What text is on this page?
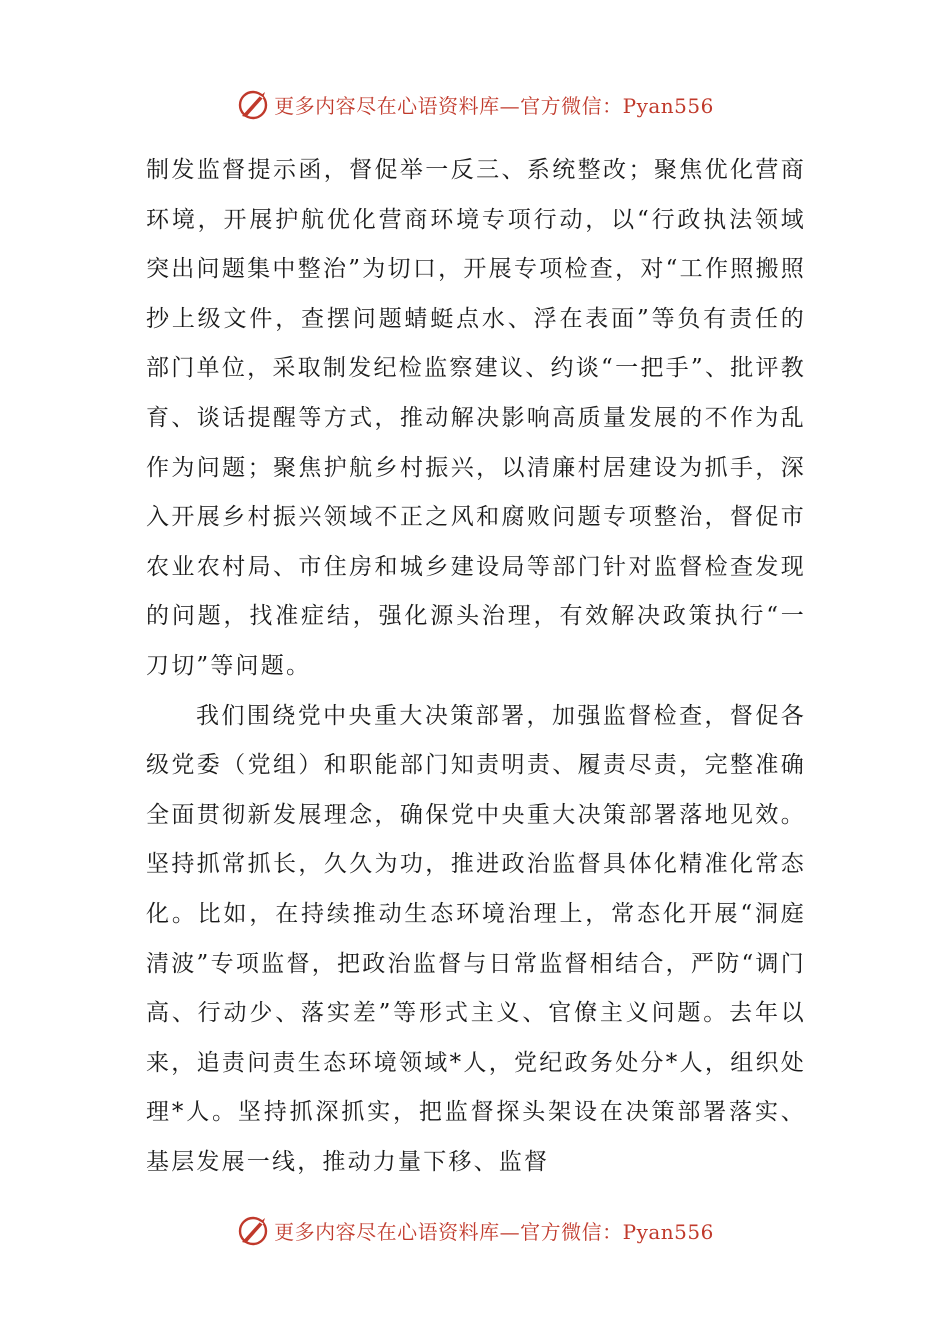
更多内容尽在心语资料库—官方微信：Pyan556

制发监督提示函，督促举一反三、系统整改；聚焦优化营商环境，开展护航优化营商环境专项行动，以“行政执法领域突出问题集中整治”为切口，开展专项检查，对“工作照搬照抄上级文件，查摆问题蜻蜓点水、浮在表面”等负有责任的部门单位，采取制发纪检监察建议、约谈“一把手”、批评教育、谈话提醒等方式，推动解决影响高质量发展的不作为乱作为问题；聚焦护航乡村振兴，以清廉村居建设为抓手，深入开展乡村振兴领域不正之风和腐败问题专项整治，督促市农业农村局、市住房和城乡建设局等部门针对监督检查发现的问题，找准症结，强化源头治理，有效解决政策执行“一刀切”等问题。

我们围绕党中央重大决策部署，加强监督检查，督促各级党委（党组）和职能部门知责明责、履责尽责，完整准确全面贯彻新发展理念，确保党中央重大决策部署落地见效。坚持抓常抓长，久久为功，推进政治监督具体化精准化常态化。比如，在持续推动生态环境治理上，常态化开展“洞庭清波”专项监督，把政治监督与日常监督相结合，严防“调门高、行动少、落实差”等形式主义、官僚主义问题。去年以来，追责问责生态环境领域*人，党纪政务处分*人，组织处理*人。坚持抓深抓实，把监督探头架设在决策部署落实、基层发展一线，推动力量下移、监督

更多内容尽在心语资料库—官方微信：Pyan556
